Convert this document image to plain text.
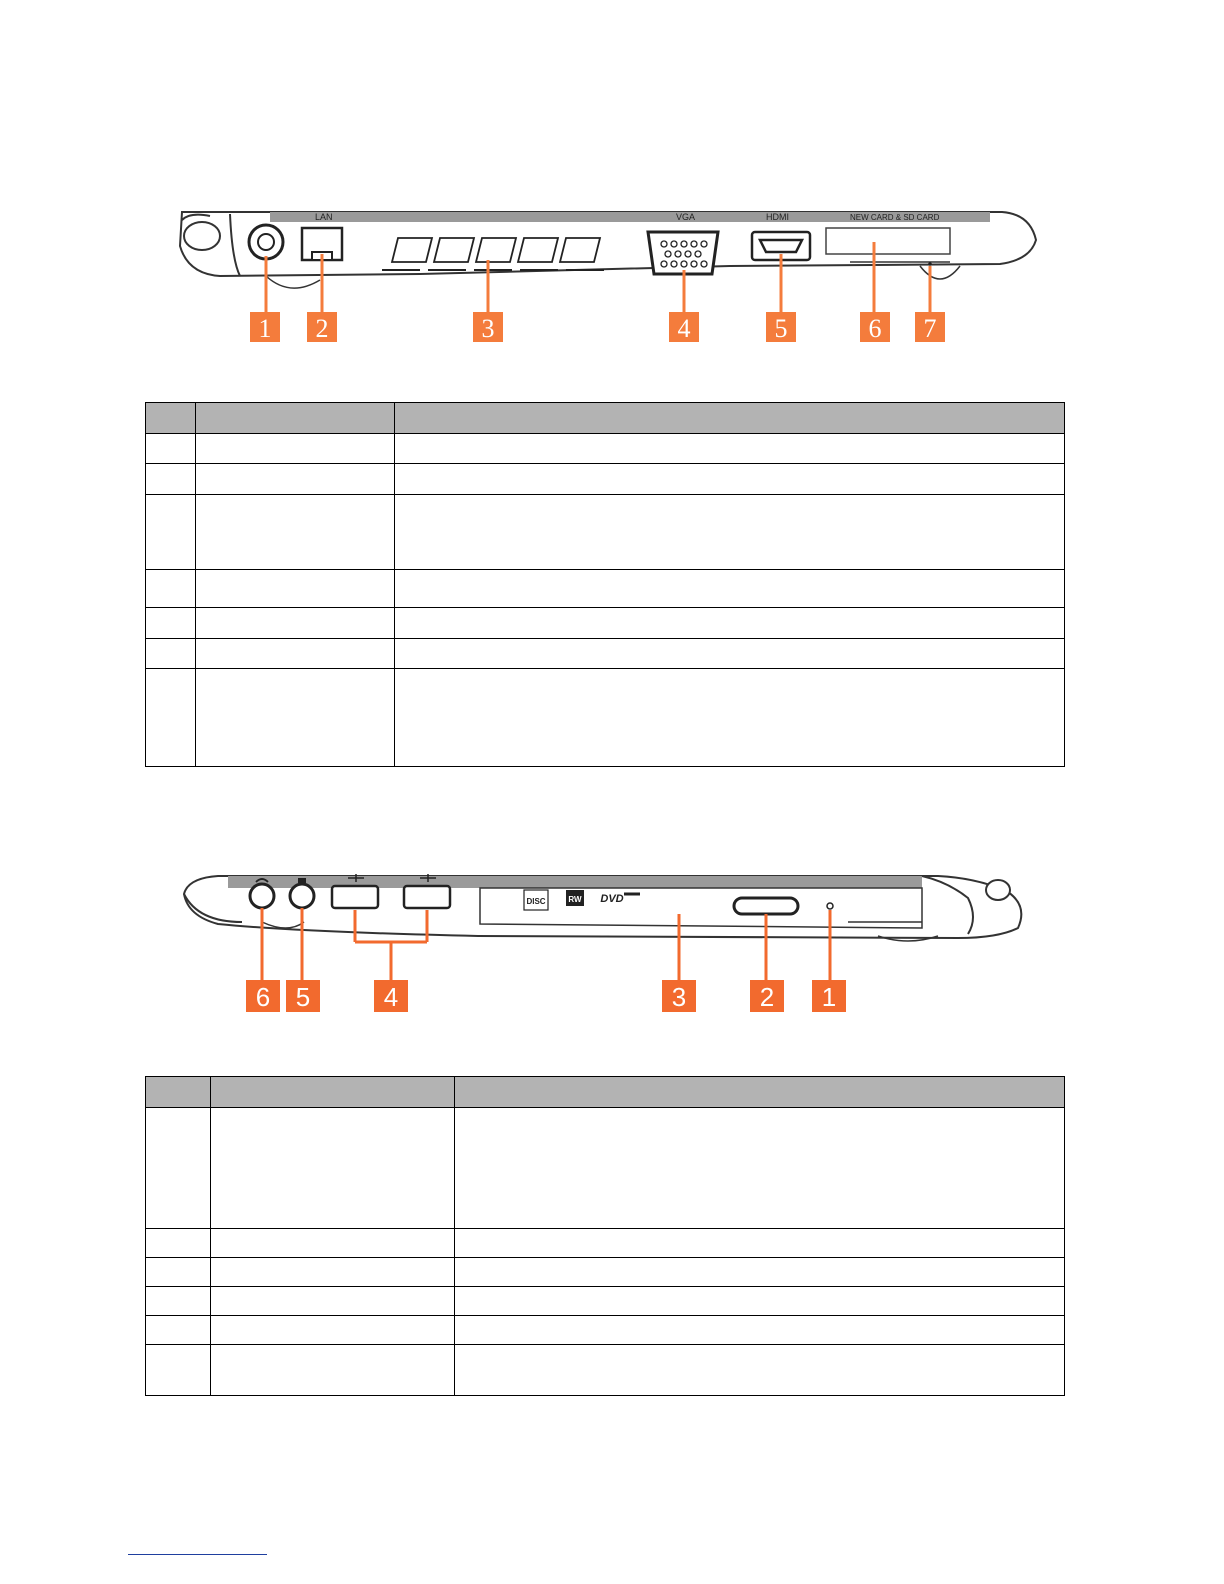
LAN	VGA	HDMI	NEW CARD & SD CARD
1 2	3	4	5	6 7

DISC	RW DVD
6 5	4	3	2 1
